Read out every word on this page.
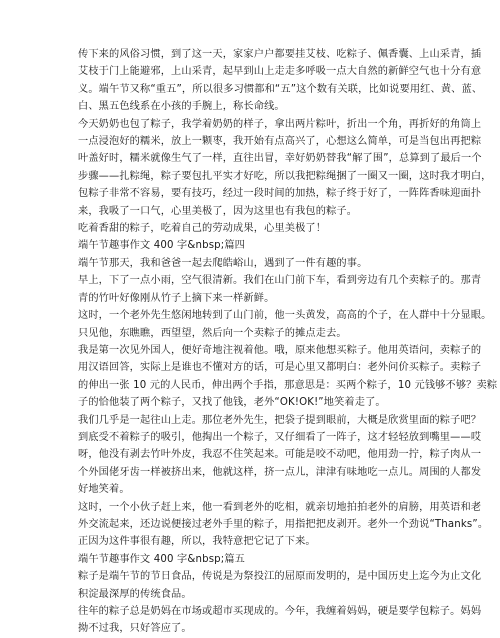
传下来的风俗习惯，到了这一天，家家户户都要挂艾枝、吃粽子、佩香囊、上山采青，插
艾枝于门上能避邪，上山采青，起早到山上走走多呼吸一点大自然的新鲜空气也十分有意
义。端午节又称“重五”，所以很多习惯都和“五”这个数有关联，比如说要用红、黄、蓝、
白、黑五色线系在小孩的手腕上，称长命线。
今天奶奶也包了粽子，我学着奶奶的样子，拿出两片粽叶，折出一个角，再折好的角筒上
一点浸泡好的糯米，放上一颗枣，我开始有点高兴了，心想这么简单，可是当包出再把粽
叶盖好时，糯米就像生气了一样，直往出冒，幸好奶奶替我“解了围”，总算到了最后一个
步骤——扎粽绳，粽子要包扎平实才好吃，所以我把粽绳捆了一圈又一圈，这时我才明白，
包粽子非常不容易，要有技巧，经过一段时间的加热，粽子终于好了，一阵阵香味迎面扑
来，我吸了一口气，心里美极了，因为这里也有我包的粽子。
吃着香甜的粽子，吃着自己的劳动成果，心里美极了！
端午节趣事作文 400 字&nbsp;篇四
端午节那天，我和爸爸一起去爬皓峪山，遇到了一件有趣的事。
早上，下了一点小雨，空气很清新。我们在山门前下车，看到旁边有几个卖粽子的。那青
青的竹叶好像刚从竹子上摘下来一样新鲜。
这时，一个老外先生悠闲地转到了山门前，他一头黄发，高高的个子，在人群中十分显眼。
只见他，东瞧瞧，西望望，然后向一个卖粽子的摊点走去。
我是第一次见外国人，便好奇地注视着他。哦，原来他想买粽子。他用英语问，卖粽子的
用汉语回答，实际上是谁也不懂对方的话，可是心里又都明白：老外问价买粽子。卖粽子
的伸出一张 10 元的人民币，伸出两个手指，那意思是：买两个粽子，10 元钱够不够？卖粽
子的恰他装了两个粽子，又找了他钱，老外“OK!OK!”地笑着走了。
我们几乎是一起往山上走。那位老外先生，把袋子提到眼前，大概是欣赏里面的粽子吧？
到底受不着粽子的吸引，他掏出一个粽子，又仔细看了一阵子，这才轻轻放到嘴里——哎
呀，他没有剥去竹叶外皮，我忍不住笑起来。可能是咬不动吧，他用劲一拧，粽子肉从一
个外国佬牙齿一样被挤出来，他就这样，挤一点儿，津津有味地吃一点儿。周围的人都发
好地笑着。
这时，一个小伙子赶上来，他一看到老外的吃相，就亲切地拍拍老外的肩膀，用英语和老
外交流起来，还边说便接过老外手里的粽子，用指把把皮剥开。老外一个劲说“Thanks”。
正因为这件事很有趣，所以，我特意把它记了下来。
端午节趣事作文 400 字&nbsp;篇五
粽子是端午节的节日食品，传说是为祭投江的屈原而发明的，是中国历史上迄今为止文化
积淀最深厚的传统食品。
往年的粽子总是奶妈在市场或超市买现成的。今年，我缠着妈妈，硬是要学包粽子。妈妈
拗不过我，只好答应了。
